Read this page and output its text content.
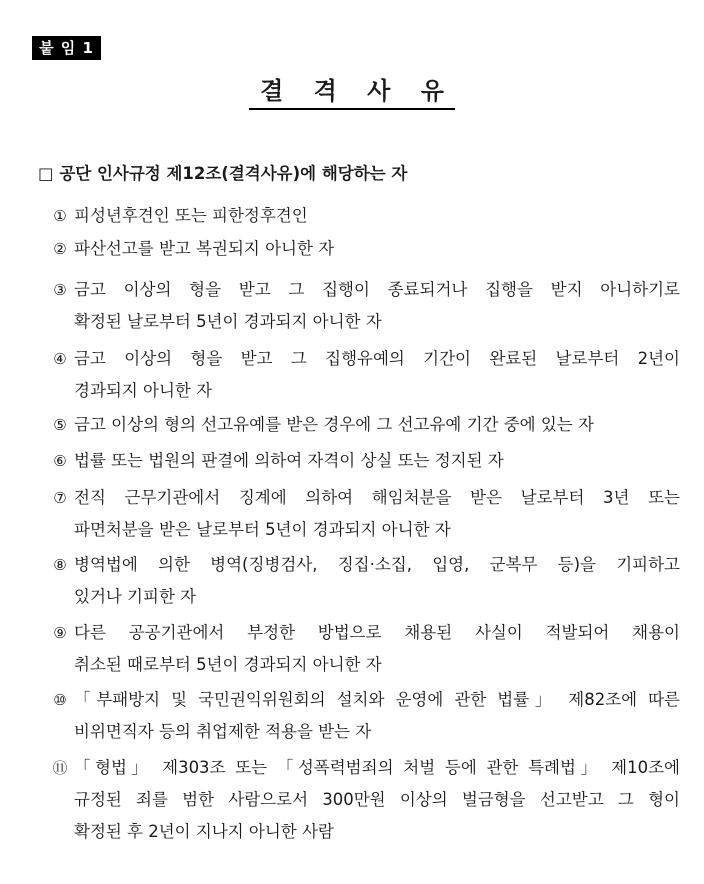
붙 임 1
결 격 사 유
□ 공단 인사규정 제12조(결격사유)에 해당하는 자
① 피성년후견인 또는 피한정후견인
② 파산선고를 받고 복권되지 아니한 자
③ 금고 이상의 형을 받고 그 집행이 종료되거나 집행을 받지 아니하기로
확정된 날로부터 5년이 경과되지 아니한 자
④ 금고 이상의 형을 받고 그 집행유예의 기간이 완료된 날로부터 2년이
경과되지 아니한 자
⑤ 금고 이상의 형의 선고유예를 받은 경우에 그 선고유예 기간 중에 있는 자
⑥ 법률 또는 법원의 판결에 의하여 자격이 상실 또는 정지된 자
⑦ 전직 근무기관에서 징계에 의하여 해임처분을 받은 날로부터 3년 또는
파면처분을 받은 날로부터 5년이 경과되지 아니한 자
⑧ 병역법에 의한 병역(징병검사, 징집·소집, 입영, 군복무 등)을 기피하고
있거나 기피한 자
⑨ 다른 공공기관에서 부정한 방법으로 채용된 사실이 적발되어 채용이
취소된 때로부터 5년이 경과되지 아니한 자
⑩ 「부패방지 및 국민권익위원회의 설치와 운영에 관한 법률」 제82조에 따른
비위면직자 등의 취업제한 적용을 받는 자
⑪ 「형법」 제303조 또는 「성폭력범죄의 처벌 등에 관한 특례법」 제10조에
규정된 죄를 범한 사람으로서 300만원 이상의 벌금형을 선고받고 그 형이
확정된 후 2년이 지나지 아니한 사람
